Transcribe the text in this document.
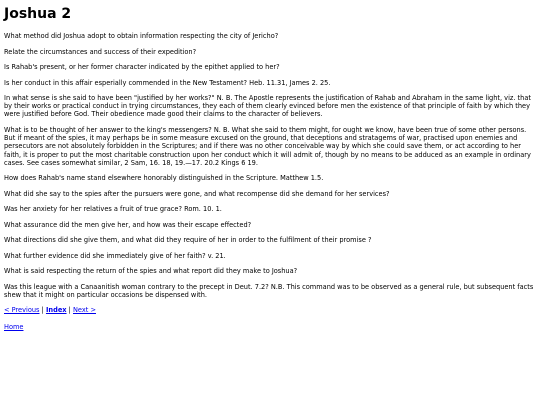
Joshua 2

What method did Joshua adopt to obtain information respecting the city of Jericho?

Relate the circumstances and success of their expedition?

Is Rahab's present, or her former character indicated by the epithet applied to her?

Is her conduct in this affair esperially commended in the New Testament? Heb. 11.31, James 2. 25.

In what sense is she said to have been "justified by her works?" N. B. The Apostle represents the justification of Rahab and Abraham in the same light, viz. that by their works or practical conduct in trying circumstances, they each of them clearly evinced before men the existence of that principle of faith by which they were justified before God. Their obedience made good their claims to the character of believers.

What is to be thought of her answer to the king's messengers? N. B. What she said to them might, for ought we know, have been true of some other persons. But if meant of the spies, it may perhaps be in some measure excused on the ground, that deceptions and stratagems of war, practised upon enemies and persecutors are not absolutely forbidden in the Scriptures; and if there was no other conceivable way by which she could save them, or act according to her faith, it is proper to put the most charitable construction upon her conduct which it will admit of, though by no means to be adduced as an example in ordinary cases. See cases somewhat similar, 2 Sam, 16. 18, 19.—17. 20.2 Kings 6 19.

How does Rahab's name stand elsewhere honorably distinguished in the Scripture. Matthew 1.5.

What did she say to the spies after the pursuers were gone, and what recompense did she demand for her services?

Was her anxiety for her relatives a fruit of true grace? Rom. 10. 1.

What assurance did the men give her, and how was their escape effected?

What directions did she give them, and what did they require of her in order to the fulfilment of their promise ?

What further evidence did she immediately give of her faith? v. 21.

What is said respecting the return of the spies and what report did they make to Joshua?

Was this league with a Canaanitish woman contrary to the precept in Deut. 7.2? N.B. This command was to be observed as a general rule, but subsequent facts shew that it might on particular occasions be dispensed with.

< Previous | Index | Next >
Home
